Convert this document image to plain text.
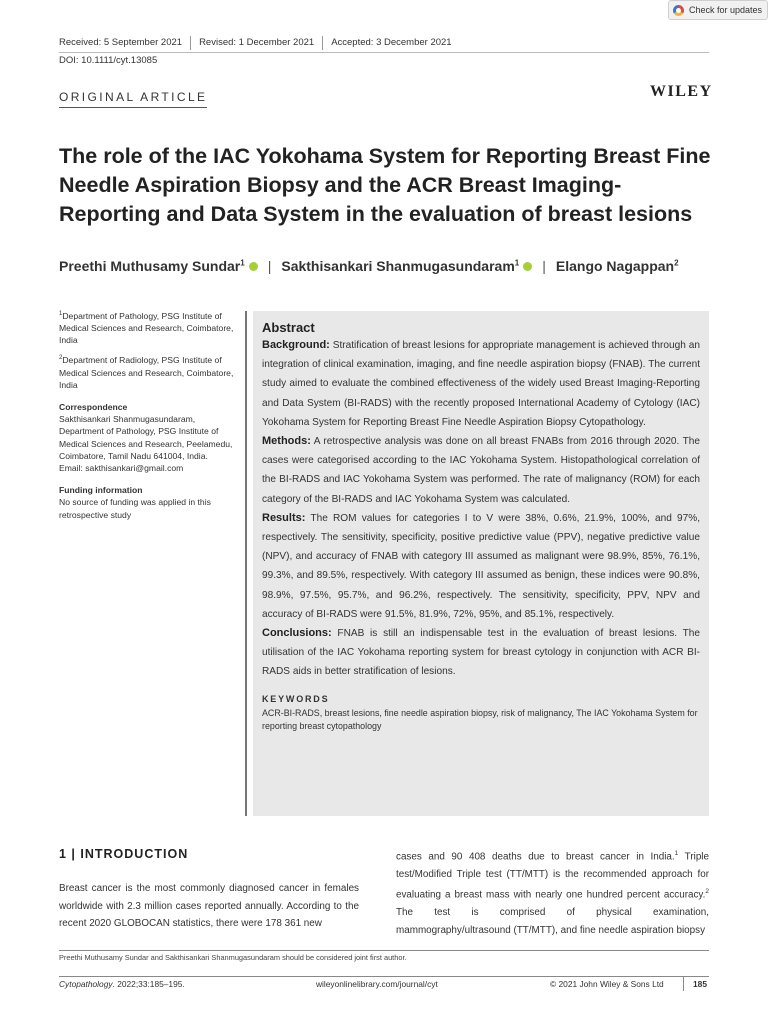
Check for updates
Received: 5 September 2021 Revised: 1 December 2021 Accepted: 3 December 2021
DOI: 10.1111/cyt.13085
ORIGINAL ARTICLE	WILEY
The role of the IAC Yokohama System for Reporting Breast Fine Needle Aspiration Biopsy and the ACR Breast Imaging-Reporting and Data System in the evaluation of breast lesions
Preethi Muthusamy Sundar$^1$ | Sakthisankari Shanmugasundaram$^1$ | Elango Nagappan$^2$

$^1$Department of Pathology, PSG Institute of Medical Sciences and Research, Coimbatore, India

$^2$Department of Radiology, PSG Institute of Medical Sciences and Research, Coimbatore, India

Correspondence

Sakthisankari Shanmugasundaram,
Department of Pathology, PSG Institute of Medical Sciences and Research, Peelamedu, Coimbatore, Tamil Nadu 641004, India.
Email: sakthisankari@gmail.com

Funding information

No source of funding was applied in this retrospective study

Abstract

Background: Stratification of breast lesions for appropriate management is achieved through an integration of clinical examination, imaging, and fine needle aspiration biopsy (FNAB). The current study aimed to evaluate the combined effectiveness of the widely used Breast Imaging-Reporting and Data System (BI-RADS) with the recently proposed International Academy of Cytology (IAC) Yokohama System for Reporting Breast Fine Needle Aspiration Biopsy Cytopathology.

Methods: A retrospective analysis was done on all breast FNABs from 2016 through 2020. The cases were categorised according to the IAC Yokohama System. Histopathological correlation of the BI-RADS and IAC Yokohama System was performed. The rate of malignancy (ROM) for each category of the BI-RADS and IAC Yokohama System was calculated.

Results: The ROM values for categories I to V were 38%, 0.6%, 21.9%, 100%, and 97%, respectively. The sensitivity, specificity, positive predictive value (PPV), negative predictive value (NPV), and accuracy of FNAB with category III assumed as malignant were 98.9%, 85%, 76.1%, 99.3%, and 89.5%, respectively. With category III assumed as benign, these indices were 90.8%, 98.9%, 97.5%, 95.7%, and 96.2%, respectively. The sensitivity, specificity, PPV, NPV and accuracy of BI-RADS were 91.5%, 81.9%, 72%, 95%, and 85.1%, respectively.

Conclusions: FNAB is still an indispensable test in the evaluation of breast lesions. The utilisation of the IAC Yokohama reporting system for breast cytology in conjunction with ACR BI-RADS aids in better stratification of lesions.

KEYWORDS
ACR-BI-RADS, breast lesions, fine needle aspiration biopsy, risk of malignancy, The IAC Yokohama System for reporting breast cytopathology
1 | INTRODUCTION

Breast cancer is the most commonly diagnosed cancer in females worldwide with 2.3 million cases reported annually. According to the recent 2020 GLOBOCAN statistics, there were 178 361 new

cases and 90 408 deaths due to breast cancer in India.$^1$ Triple test/Modified Triple test (TT/MTT) is the recommended approach for evaluating a breast mass with nearly one hundred percent accuracy.$^2$ The test is comprised of physical examination, mammography/ultrasound (TT/MTT), and fine needle aspiration biopsy

Preethi Muthusamy Sundar and Sakthisankari Shanmugasundaram should be considered joint first author.
Cytopathology. 2022;33:185–195.	wileyonlinelibrary.com/journal/cyt	© 2021 John Wiley & Sons Ltd	185
